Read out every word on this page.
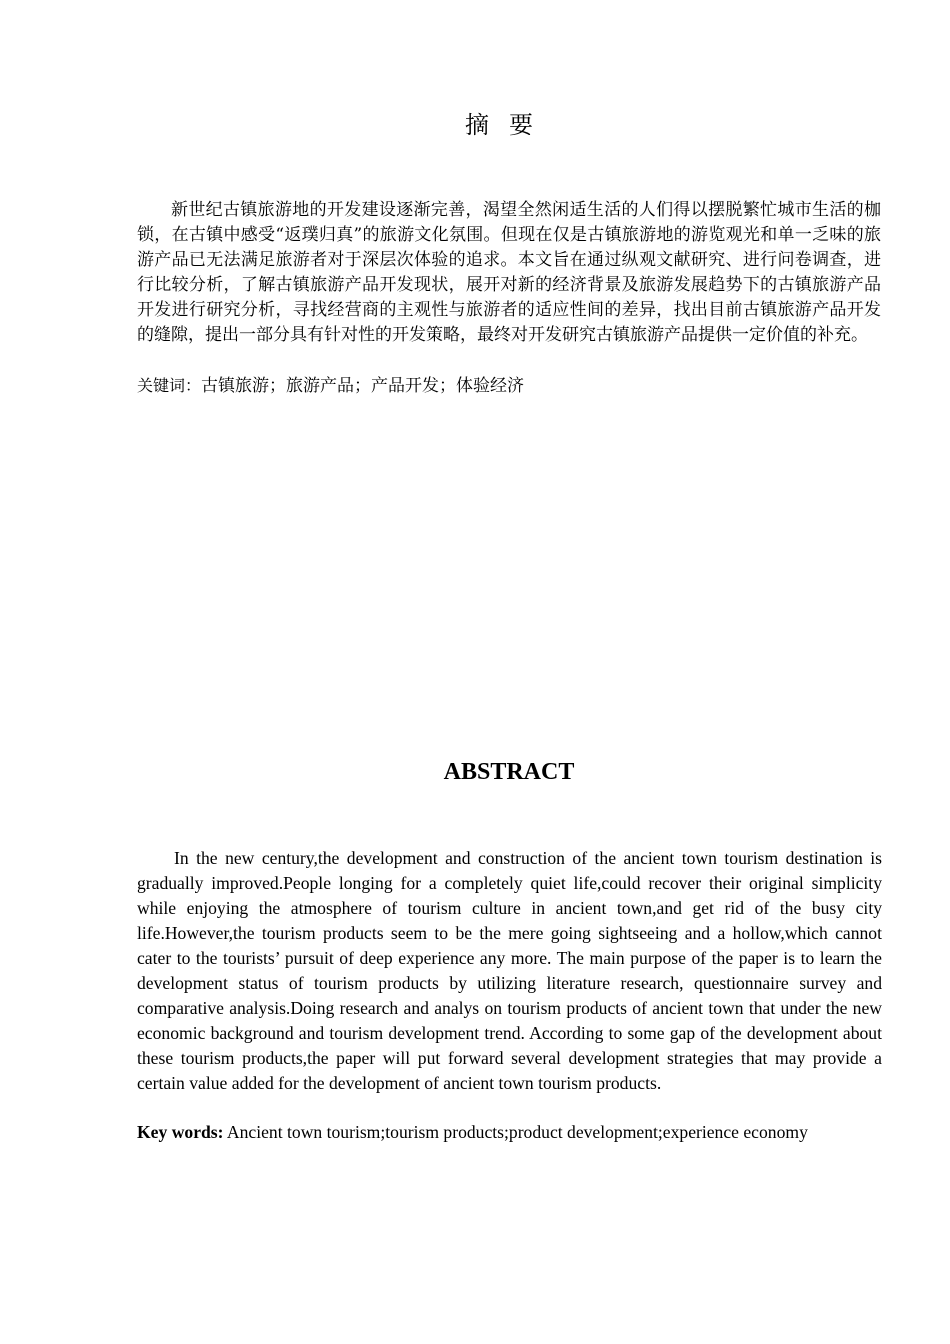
摘要

新世纪古镇旅游地的开发建设逐渐完善，渴望全然闲适生活的人们得以摆脱繁忙城市生活的枷锁，在古镇中感受“返璞归真”的旅游文化氛围。但现在仅是古镇旅游地的游览观光和单一乏味的旅游产品已无法满足旅游者对于深层次体验的追求。本文旨在通过纵观文献研究、进行问卷调查，进行比较分析，了解古镇旅游产品开发现状，展开对新的经济背景及旅游发展趋势下的古镇旅游产品开发进行研究分析，寻找经营商的主观性与旅游者的适应性间的差异，找出目前古镇旅游产品开发的缝隙，提出一部分具有针对性的开发策略，最终对开发研究古镇旅游产品提供一定价值的补充。

关键词：古镇旅游；旅游产品；产品开发；体验经济

ABSTRACT

In the new century,the development and construction of the ancient town tourism destination is gradually improved.People longing for a completely quiet life,could recover their original simplicity while enjoying the atmosphere of tourism culture in ancient town,and get rid of the busy city life.However,the tourism products seem to be the mere going sightseeing and a hollow,which cannot cater to the tourists’ pursuit of deep experience any more. The main purpose of the paper is to learn the development status of tourism products by utilizing literature research, questionnaire survey and comparative analysis.Doing research and analys on tourism products of ancient town that under the new economic background and tourism development trend. According to some gap of the development about these tourism products,the paper will put forward several development strategies that may provide a certain value added for the development of ancient town tourism products.

Key words: Ancient town tourism;tourism products;product development;experience economy
